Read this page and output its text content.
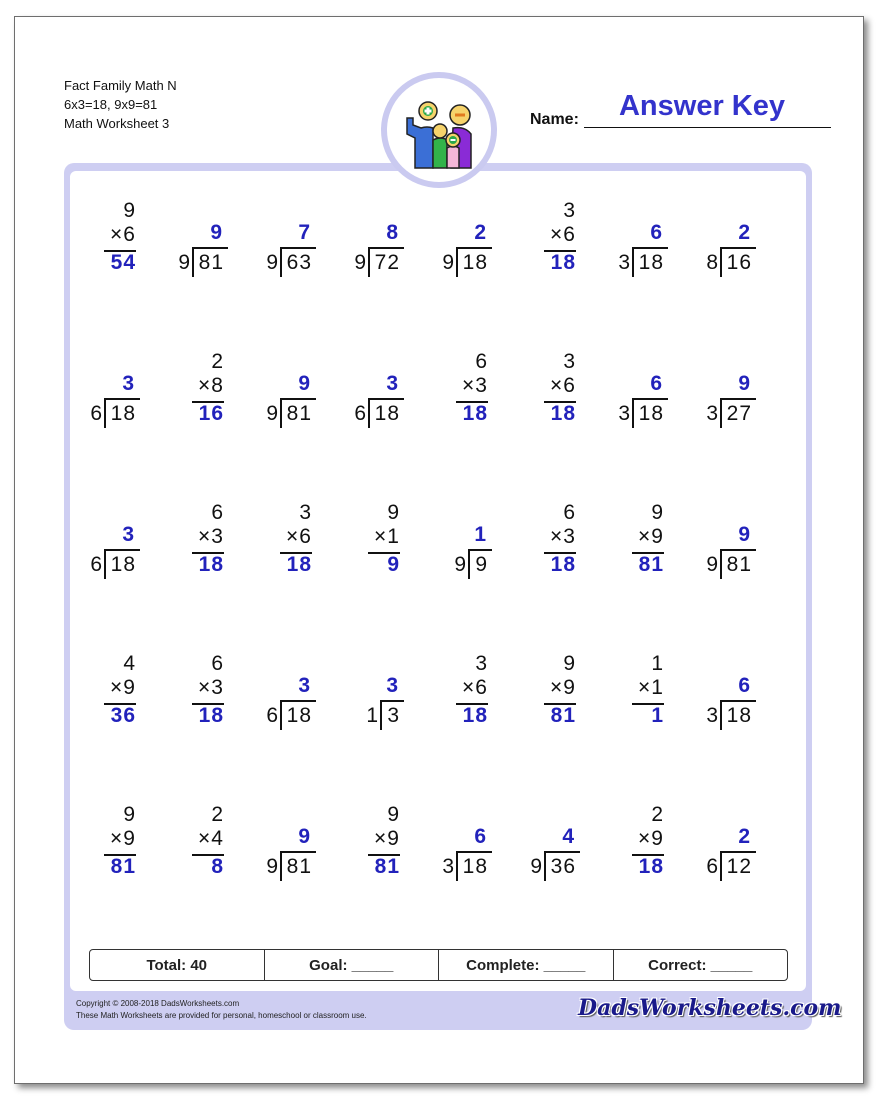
Fact Family Math N
6x3=18, 9x9=81
Math Worksheet 3	Name:	Answer Key
9
×6
54
9
9 81
7
9 63
8
9 72
2
9 18
3
×6
18
6
3 18
2
8 16
3
6 18
2
×8
16
9
9 81
3
6 18
6
×3
18
3
×6
18
6
3 18
9
3 27
3
6 18
6
×3
18
3
×6
18
9
×1
9
1
9 9
6
×3
18
9
×9
81
9
9 81
4
×9
36
6
×3
18
3
6 18
3
1 3
3
×6
18
9
×9
81
1
×1
1
6
3 18
9
×9
81
2
×4
8
9
9 81
9
×9
81
6
3 18
4
9 36
2
×9
18
2
6 12
Total: 40	Goal: _____	Complete: _____	Correct: _____
Copyright © 2008-2018 DadsWorksheets.com
These Math Worksheets are provided for personal, homeschool or classroom use.	DadsWorksheets.com
